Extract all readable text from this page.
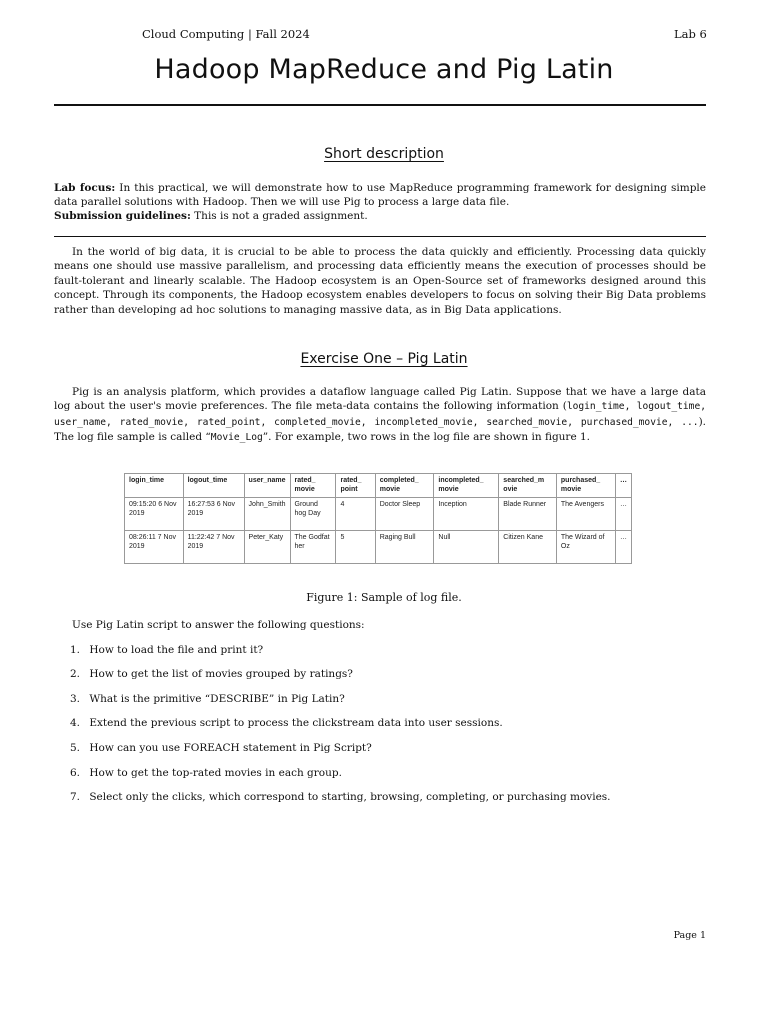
Cloud Computing | Fall 2024	Lab 6
Hadoop MapReduce and Pig Latin
Short description

Lab focus: In this practical, we will demonstrate how to use MapReduce programming framework for designing simple data parallel solutions with Hadoop. Then we will use Pig to process a large data file.

Submission guidelines: This is not a graded assignment.

In the world of big data, it is crucial to be able to process the data quickly and efficiently. Processing data quickly means one should use massive parallelism, and processing data efficiently means the execution of processes should be fault-tolerant and linearly scalable. The Hadoop ecosystem is an Open-Source set of frameworks designed around this concept. Through its components, the Hadoop ecosystem enables developers to focus on solving their Big Data problems rather than developing ad hoc solutions to managing massive data, as in Big Data applications.

Exercise One – Pig Latin

Pig is an analysis platform, which provides a dataflow language called Pig Latin. Suppose that we have a large data log about the user's movie preferences. The file meta-data contains the following information (login_time, logout_time, user_name, rated_movie, rated_point, completed_movie, incompleted_movie, searched_movie, purchased_movie, ...). The log file sample is called “Movie_Log”. For example, two rows in the log file are shown in figure 1.

login_time	logout_time	user_name	rated_ movie	rated_ point	completed_ movie	incompleted_ movie	searched_m ovie	purchased_ movie	…
09:15:20 6 Nov 2019	16:27:53 6 Nov 2019	John_Smith	Ground hog Day	4	Doctor Sleep	Inception	Blade Runner	The Avengers	…
08:26:11 7 Nov 2019	11:22:42 7 Nov 2019	Peter_Katy	The Godfat her	5	Raging Bull	Null	Citizen Kane	The Wizard of Oz	…
Figure 1: Sample of log file.
Use Pig Latin script to answer the following questions:
1. How to load the file and print it?
2. How to get the list of movies grouped by ratings?
3. What is the primitive “DESCRIBE” in Pig Latin?
4. Extend the previous script to process the clickstream data into user sessions.
5. How can you use FOREACH statement in Pig Script?
6. How to get the top-rated movies in each group.
7. Select only the clicks, which correspond to starting, browsing, completing, or purchasing movies.
Page 1
